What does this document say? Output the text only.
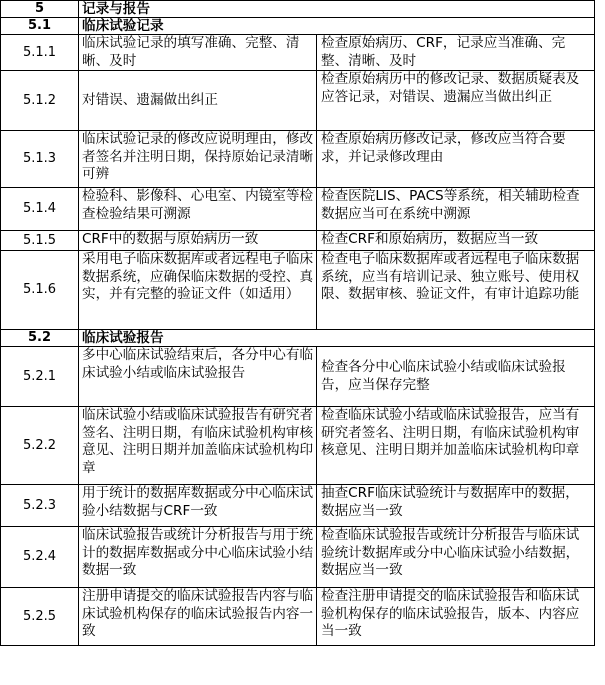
5	记录与报告	
5.1	临床试验记录	
5.1.1	临床试验记录的填写准确、完整、清晰、及时	检查原始病历、CRF，记录应当准确、完整、清晰、及时
5.1.2	对错误、遗漏做出纠正	检查原始病历中的修改记录、数据质疑表及应答记录，对错误、遗漏应当做出纠正
5.1.3	临床试验记录的修改应说明理由，修改者签名并注明日期，保持原始记录清晰可辨	检查原始病历修改记录，修改应当符合要求，并记录修改理由
5.1.4	检验科、影像科、心电室、内镜室等检查检验结果可溯源	检查医院LIS、PACS等系统，相关辅助检查数据应当可在系统中溯源
5.1.5	CRF中的数据与原始病历一致	检查CRF和原始病历，数据应当一致
5.1.6	采用电子临床数据库或者远程电子临床数据系统，应确保临床数据的受控、真实，并有完整的验证文件（如适用）	检查电子临床数据库或者远程电子临床数据系统，应当有培训记录、独立账号、使用权限、数据审核、验证文件，有审计追踪功能
5.2	临床试验报告	
5.2.1	多中心临床试验结束后，各分中心有临床试验小结或临床试验报告	检查各分中心临床试验小结或临床试验报告，应当保存完整
5.2.2	临床试验小结或临床试验报告有研究者签名、注明日期，有临床试验机构审核意见、注明日期并加盖临床试验机构印章	检查临床试验小结或临床试验报告，应当有研究者签名、注明日期，有临床试验机构审核意见、注明日期并加盖临床试验机构印章
5.2.3	用于统计的数据库数据或分中心临床试验小结数据与CRF一致	抽查CRF临床试验统计与数据库中的数据，数据应当一致
5.2.4	临床试验报告或统计分析报告与用于统计的数据库数据或分中心临床试验小结数据一致	检查临床试验报告或统计分析报告与临床试验统计数据库或分中心临床试验小结数据，数据应当一致
5.2.5	注册申请提交的临床试验报告内容与临床试验机构保存的临床试验报告内容一致	检查注册申请提交的临床试验报告和临床试验机构保存的临床试验报告，版本、内容应当一致
